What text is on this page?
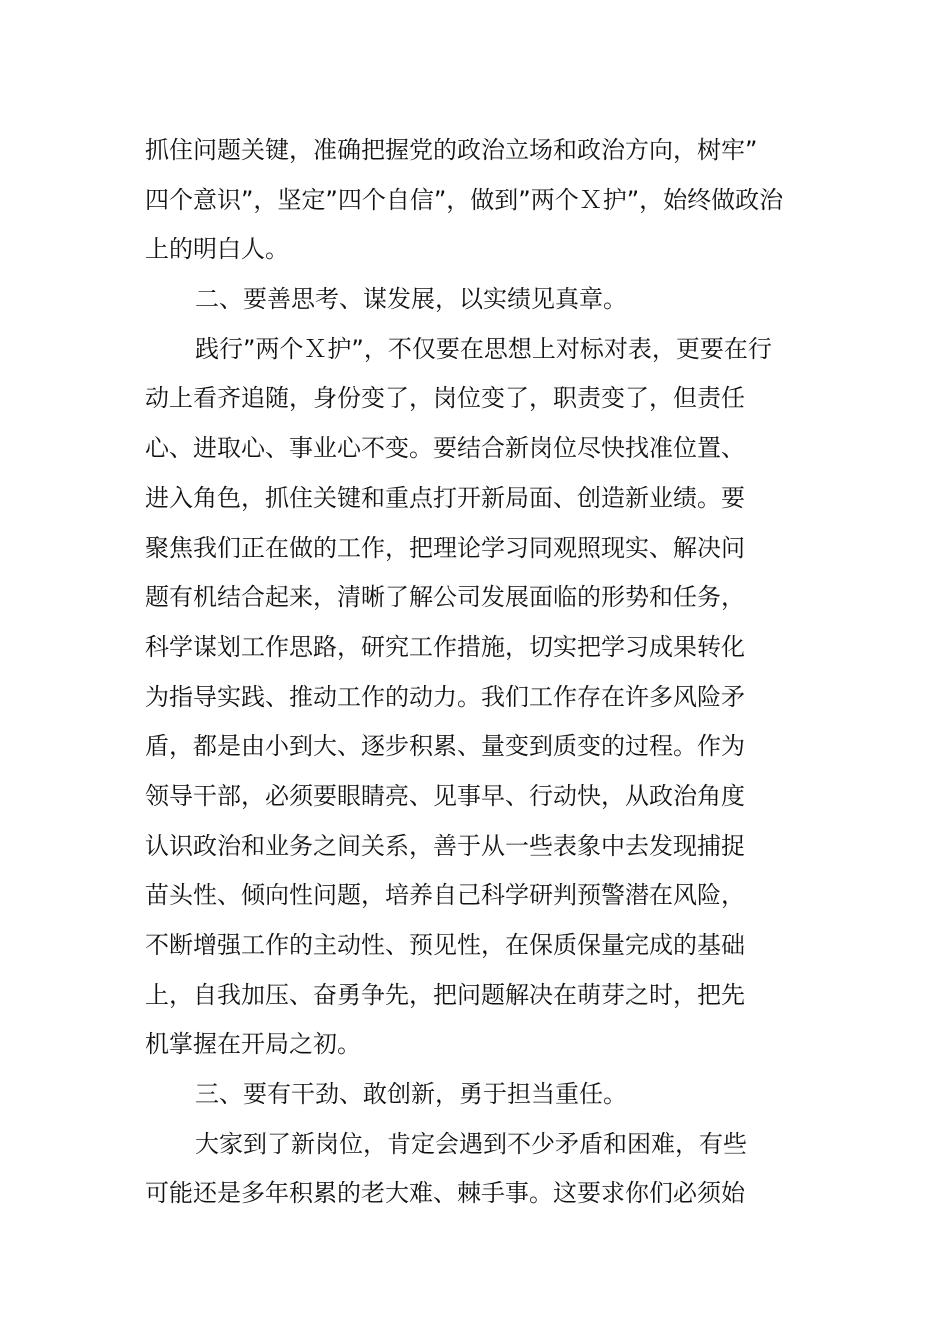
抓住问题关键，准确把握党的政治立场和政治方向，树牢”
四个意识”，坚定”四个自信”，做到”两个Ｘ护”，始终做政治
上的明白人。
二、要善思考、谋发展，以实绩见真章。
践行”两个Ｘ护”，不仅要在思想上对标对表，更要在行
动上看齐追随，身份变了，岗位变了，职责变了，但责任
心、进取心、事业心不变。要结合新岗位尽快找准位置、
进入角色，抓住关键和重点打开新局面、创造新业绩。要
聚焦我们正在做的工作，把理论学习同观照现实、解决问
题有机结合起来，清晰了解公司发展面临的形势和任务，
科学谋划工作思路，研究工作措施，切实把学习成果转化
为指导实践、推动工作的动力。我们工作存在许多风险矛
盾，都是由小到大、逐步积累、量变到质变的过程。作为
领导干部，必须要眼睛亮、见事早、行动快，从政治角度
认识政治和业务之间关系，善于从一些表象中去发现捕捉
苗头性、倾向性问题，培养自己科学研判预警潜在风险，
不断增强工作的主动性、预见性，在保质保量完成的基础
上，自我加压、奋勇争先，把问题解决在萌芽之时，把先
机掌握在开局之初。
三、要有干劲、敢创新，勇于担当重任。
大家到了新岗位，肯定会遇到不少矛盾和困难，有些
可能还是多年积累的老大难、棘手事。这要求你们必须始
